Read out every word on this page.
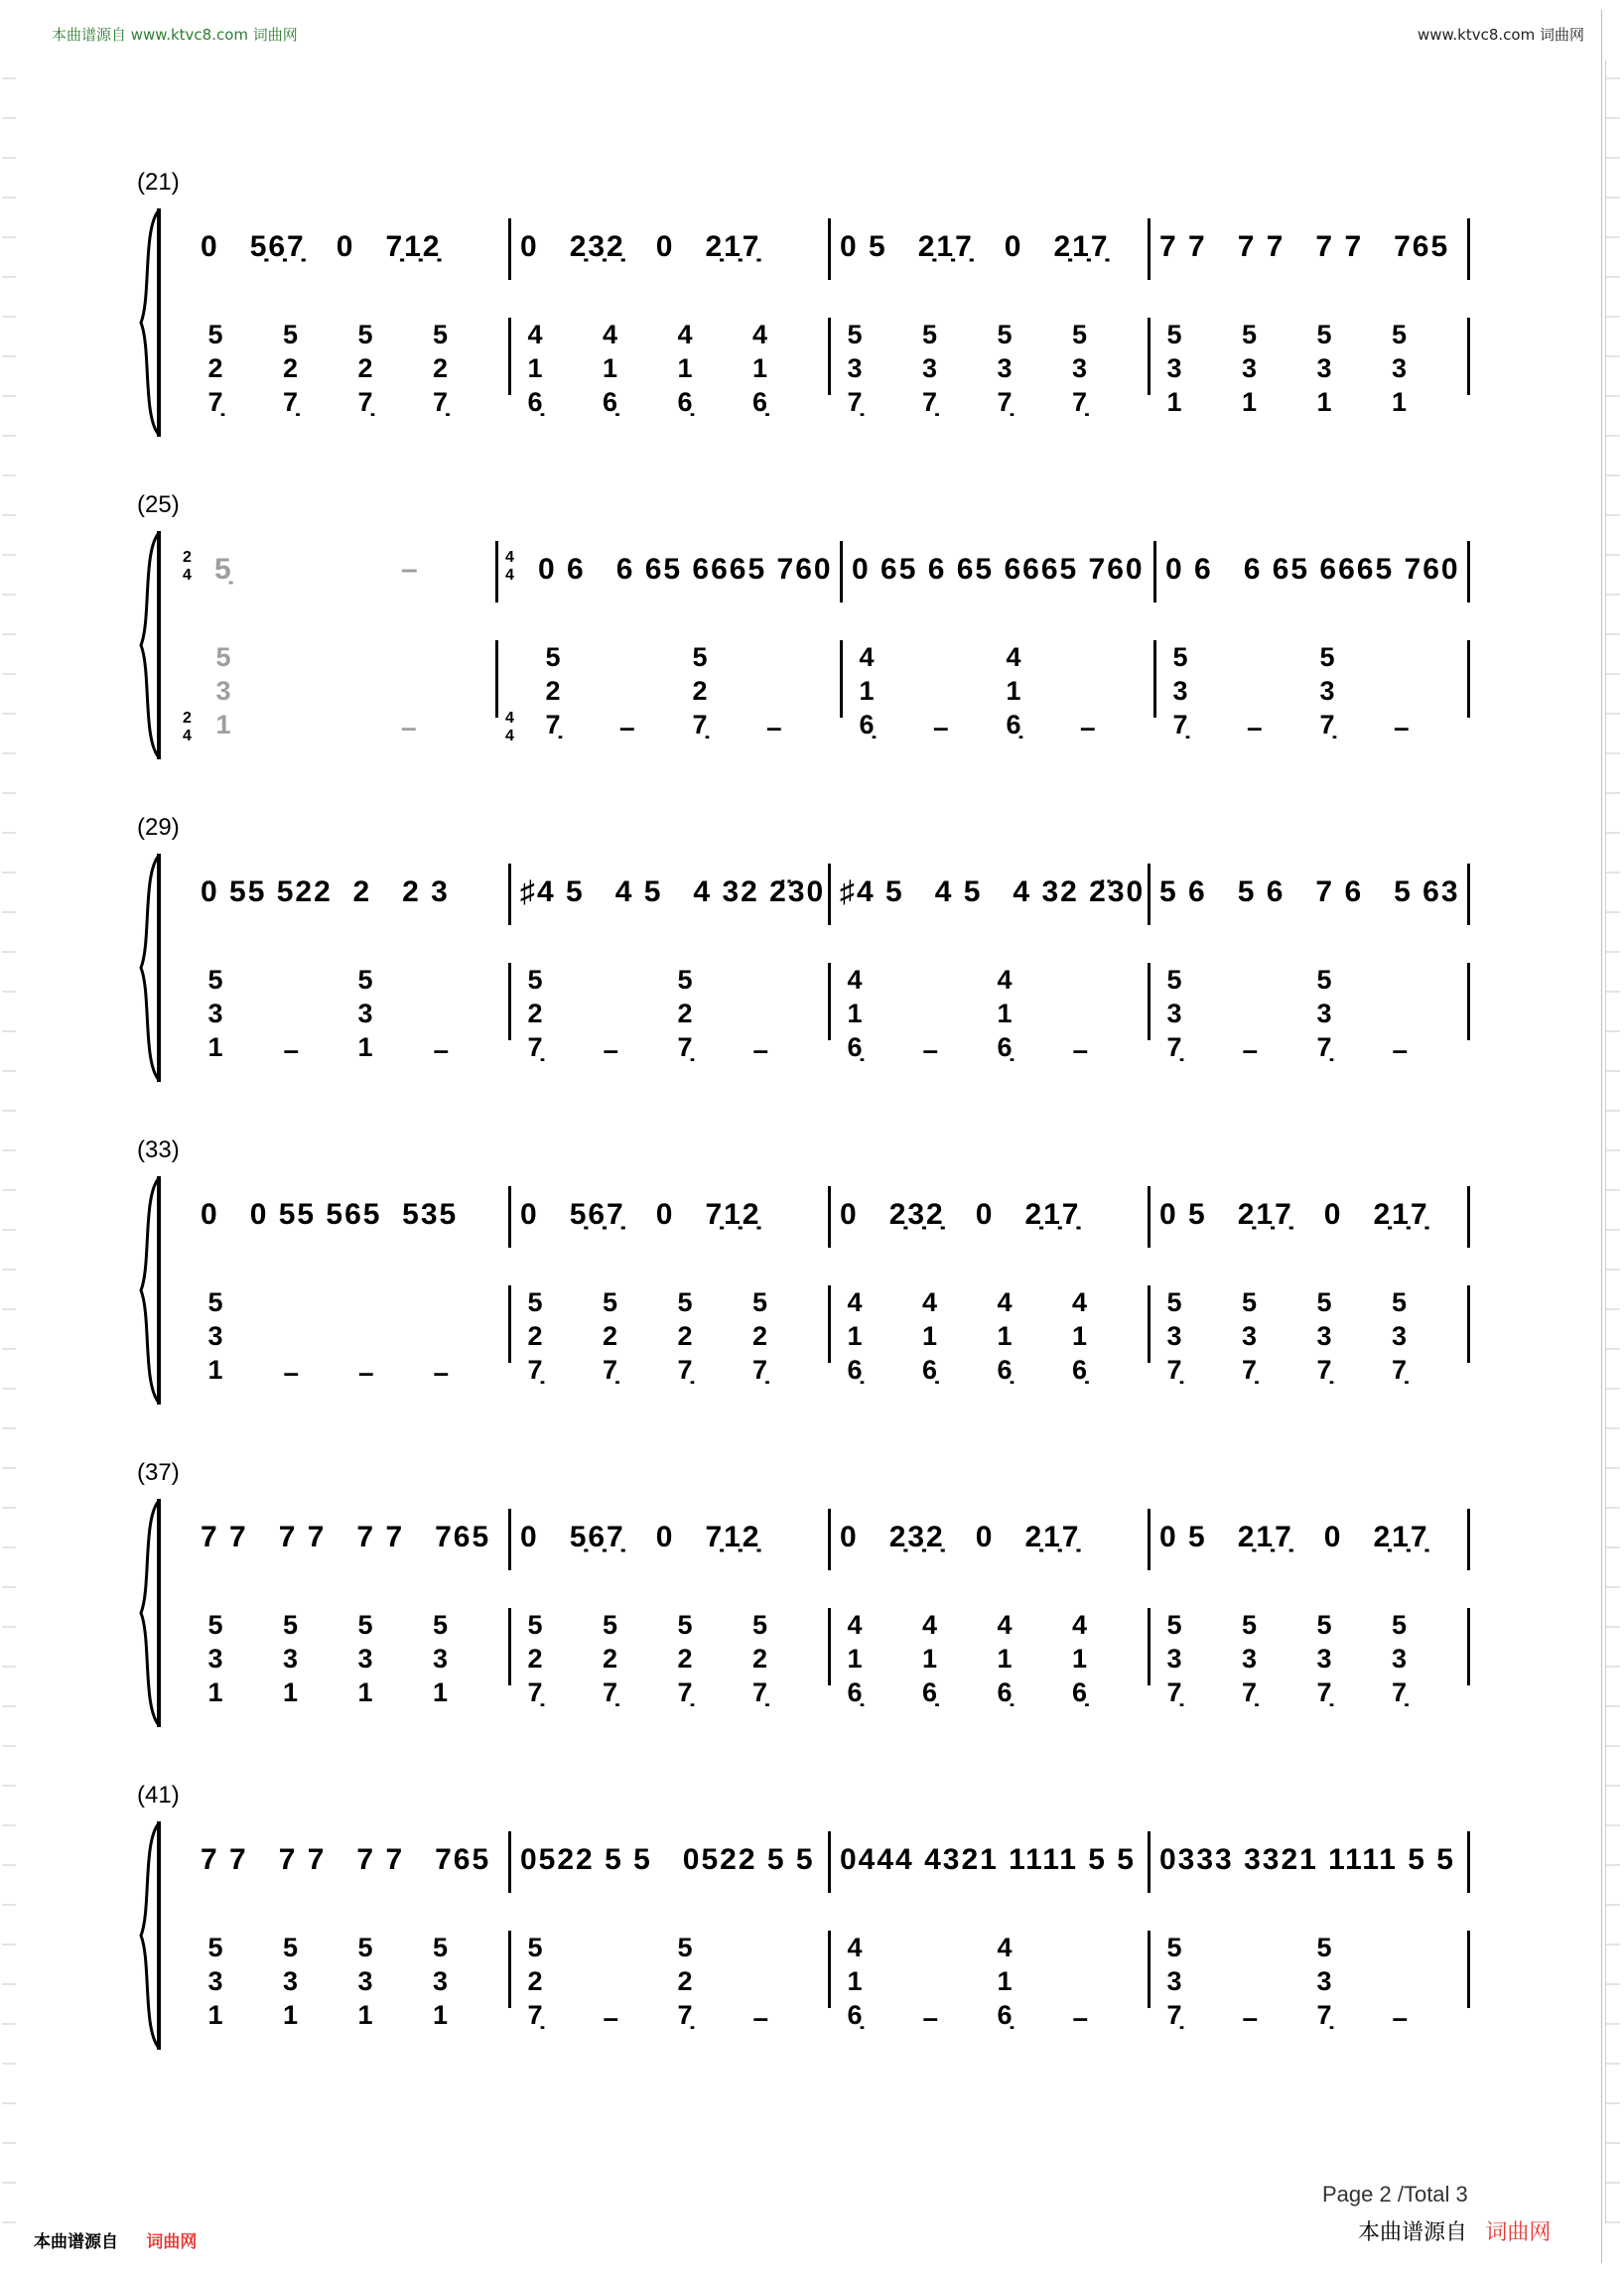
本曲谱源自 www.ktvc8.com 词曲网	www.ktvc8.com 词曲网
(21)
0   5̣6̣7̣   0   7̣1̣2̣	0   2̣3̣2̣   0   2̣1̣7̣	0 5   2̣1̣7̣   0   2̣1̣7̣ 7 7   7 7   7 7   765
5
2
7̣
5
2
7̣
5
2
7̣
5
2
7̣
4
1
6̣
4
1
6̣
4
1
6̣
4
1
6̣
5
3
7̣
5
3
7̣
5
3
7̣
5
3
7̣
5
3
1
5
3
1
5
3
1
5
3
1
(25)
2
4 5̣	–	4
4 0 6   6 65 6665 760 0 65 6 65 6665 760 0 6   6 65 6665 760
2
4
5
3
1	–	4
4
5
2
7̣
5
2
7̣
–	–
4
1
6̣
4
1
6̣
–	–
5
3
7̣
5
3
7̣
–	–
(29)
0 55 522  2   2 3 ♯4 5   4 5   4 32 2̈30 ♯4 5   4 5   4 32 2̈30 5 6   5 6   7 6   5 63
5
3
1
5
3
1
–	–
5
2
7̣
5
2
7̣
–	–
4
1
6̣
4
1
6̣
–	–
5
3
7̣
5
3
7̣
–	–
(33)
0   0 55 565  535 0   5̣6̣7̣   0   7̣1̣2̣	0   2̣3̣2̣   0   2̣1̣7̣	0 5   2̣1̣7̣   0   2̣1̣7̣
5
3
1 – – –
5
2
7̣
5
2
7̣
5
2
7̣
5
2
7̣
4
1
6̣
4
1
6̣
4
1
6̣
4
1
6̣
5
3
7̣
5
3
7̣
5
3
7̣
5
3
7̣
(37)
7 7   7 7   7 7   765 0   5̣6̣7̣   0   7̣1̣2̣	0   2̣3̣2̣   0   2̣1̣7̣	0 5   2̣1̣7̣   0   2̣1̣7̣
5
3
1
5
3
1
5
3
1
5
3
1
5
2
7̣
5
2
7̣
5
2
7̣
5
2
7̣
4
1
6̣
4
1
6̣
4
1
6̣
4
1
6̣
5
3
7̣
5
3
7̣
5
3
7̣
5
3
7̣
(41)
7 7   7 7   7 7   765 0522 5 5   0522 5 5 0444 4321 1111 5 5 0333 3321 1111 5 5
5
3
1
5
3
1
5
3
1
5
3
1
5
2
7̣
5
2
7̣
–	–
4
1
6̣
4
1
6̣
–	–
5
3
7̣
5
3
7̣
–	–
Page 2 /Total 3
本曲谱源自 词曲网
本曲谱源自 词曲网
